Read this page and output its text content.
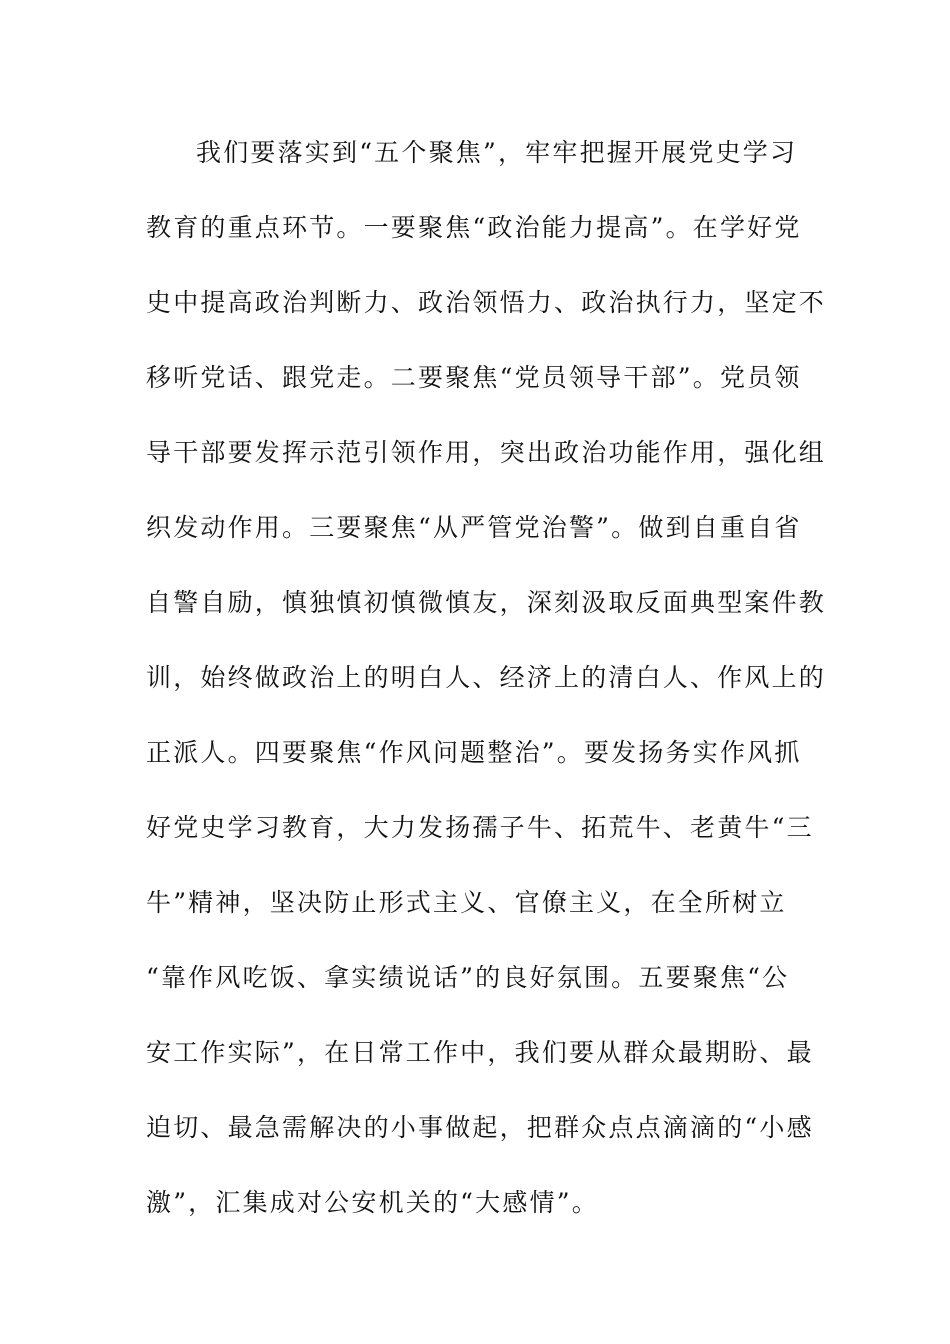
我们要落实到“五个聚焦”，牢牢把握开展党史学习
教育的重点环节。一要聚焦“政治能力提高”。在学好党
史中提高政治判断力、政治领悟力、政治执行力，坚定不
移听党话、跟党走。二要聚焦“党员领导干部”。党员领
导干部要发挥示范引领作用，突出政治功能作用，强化组
织发动作用。三要聚焦“从严管党治警”。做到自重自省
自警自励，慎独慎初慎微慎友，深刻汲取反面典型案件教
训，始终做政治上的明白人、经济上的清白人、作风上的
正派人。四要聚焦“作风问题整治”。要发扬务实作风抓
好党史学习教育，大力发扬孺子牛、拓荒牛、老黄牛“三
牛”精神，坚决防止形式主义、官僚主义，在全所树立
“靠作风吃饭、拿实绩说话”的良好氛围。五要聚焦“公
安工作实际”，在日常工作中，我们要从群众最期盼、最
迫切、最急需解决的小事做起，把群众点点滴滴的“小感
激”，汇集成对公安机关的“大感情”。
